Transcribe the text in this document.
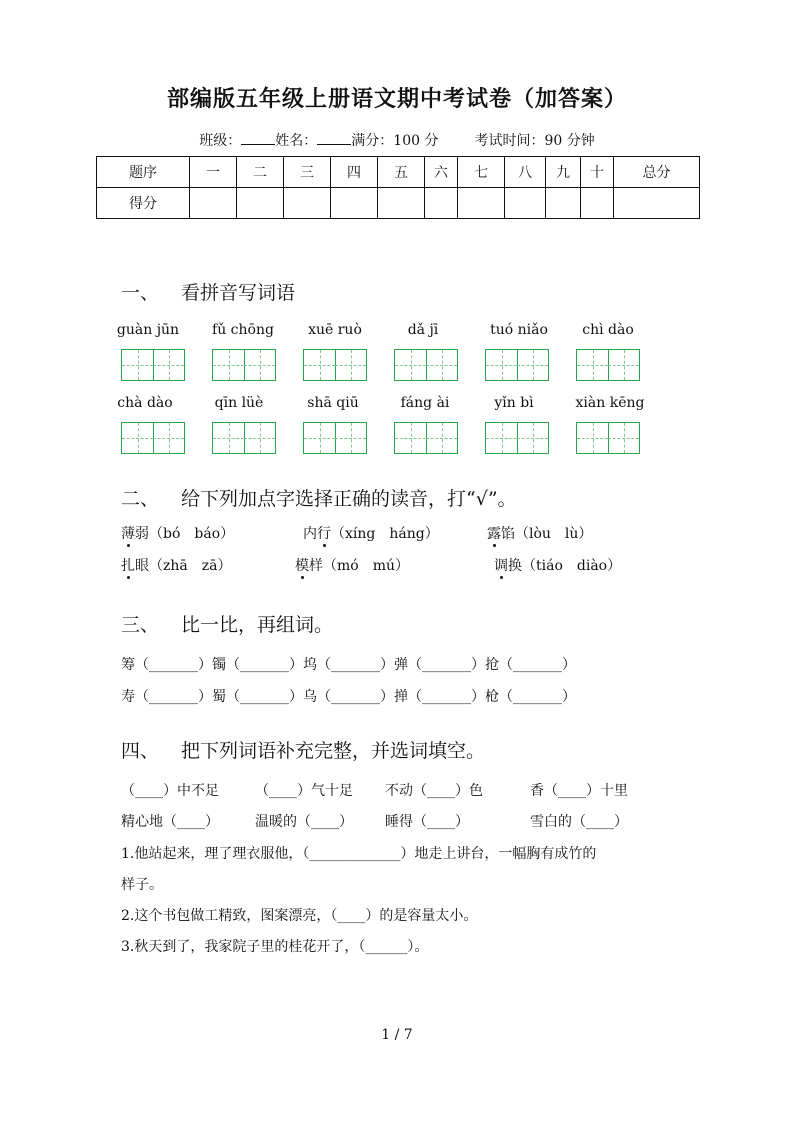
部编版五年级上册语文期中考试卷（加答案）
班级： 姓名： 满分：100 分	考试时间：90 分钟
题序	一	二	三	四	五	六	七	八	九	十	总分
得分											
一、 看拼音写词语
guàn jūn	fǔ chōng	xuē ruò	dǎ jī	tuó niǎo	chì dào
chà dào	qīn lüè	shā qiū	fáng ài	yǐn bì	xiàn kēng
二、 给下列加点字选择正确的读音，打“√”。
薄弱（bó　báo）	内行（xíng　háng）	露馅（lòu　lù）
扎眼（zhā　zā）	模样（mó　mú）	调换（tiáo　diào）
三、 比一比，再组词。
筹（_______）镯（_______）坞（_______）弹（_______）抢（_______）
寿（_______）蜀（_______）乌（_______）掸（_______）枪（_______）
四、 把下列词语补充完整，并选词填空。
（____）中不足	（____）气十足 不动（____）色	香（____）十里
精心地（____）	温暖的（____） 睡得（____）	雪白的（____）
1.他站起来，理了理衣服他，（_____________）地走上讲台，一幅胸有成竹的
样子。
2.这个书包做工精致，图案漂亮，（____）的是容量太小。
3.秋天到了，我家院子里的桂花开了，（______）。
1 / 7
